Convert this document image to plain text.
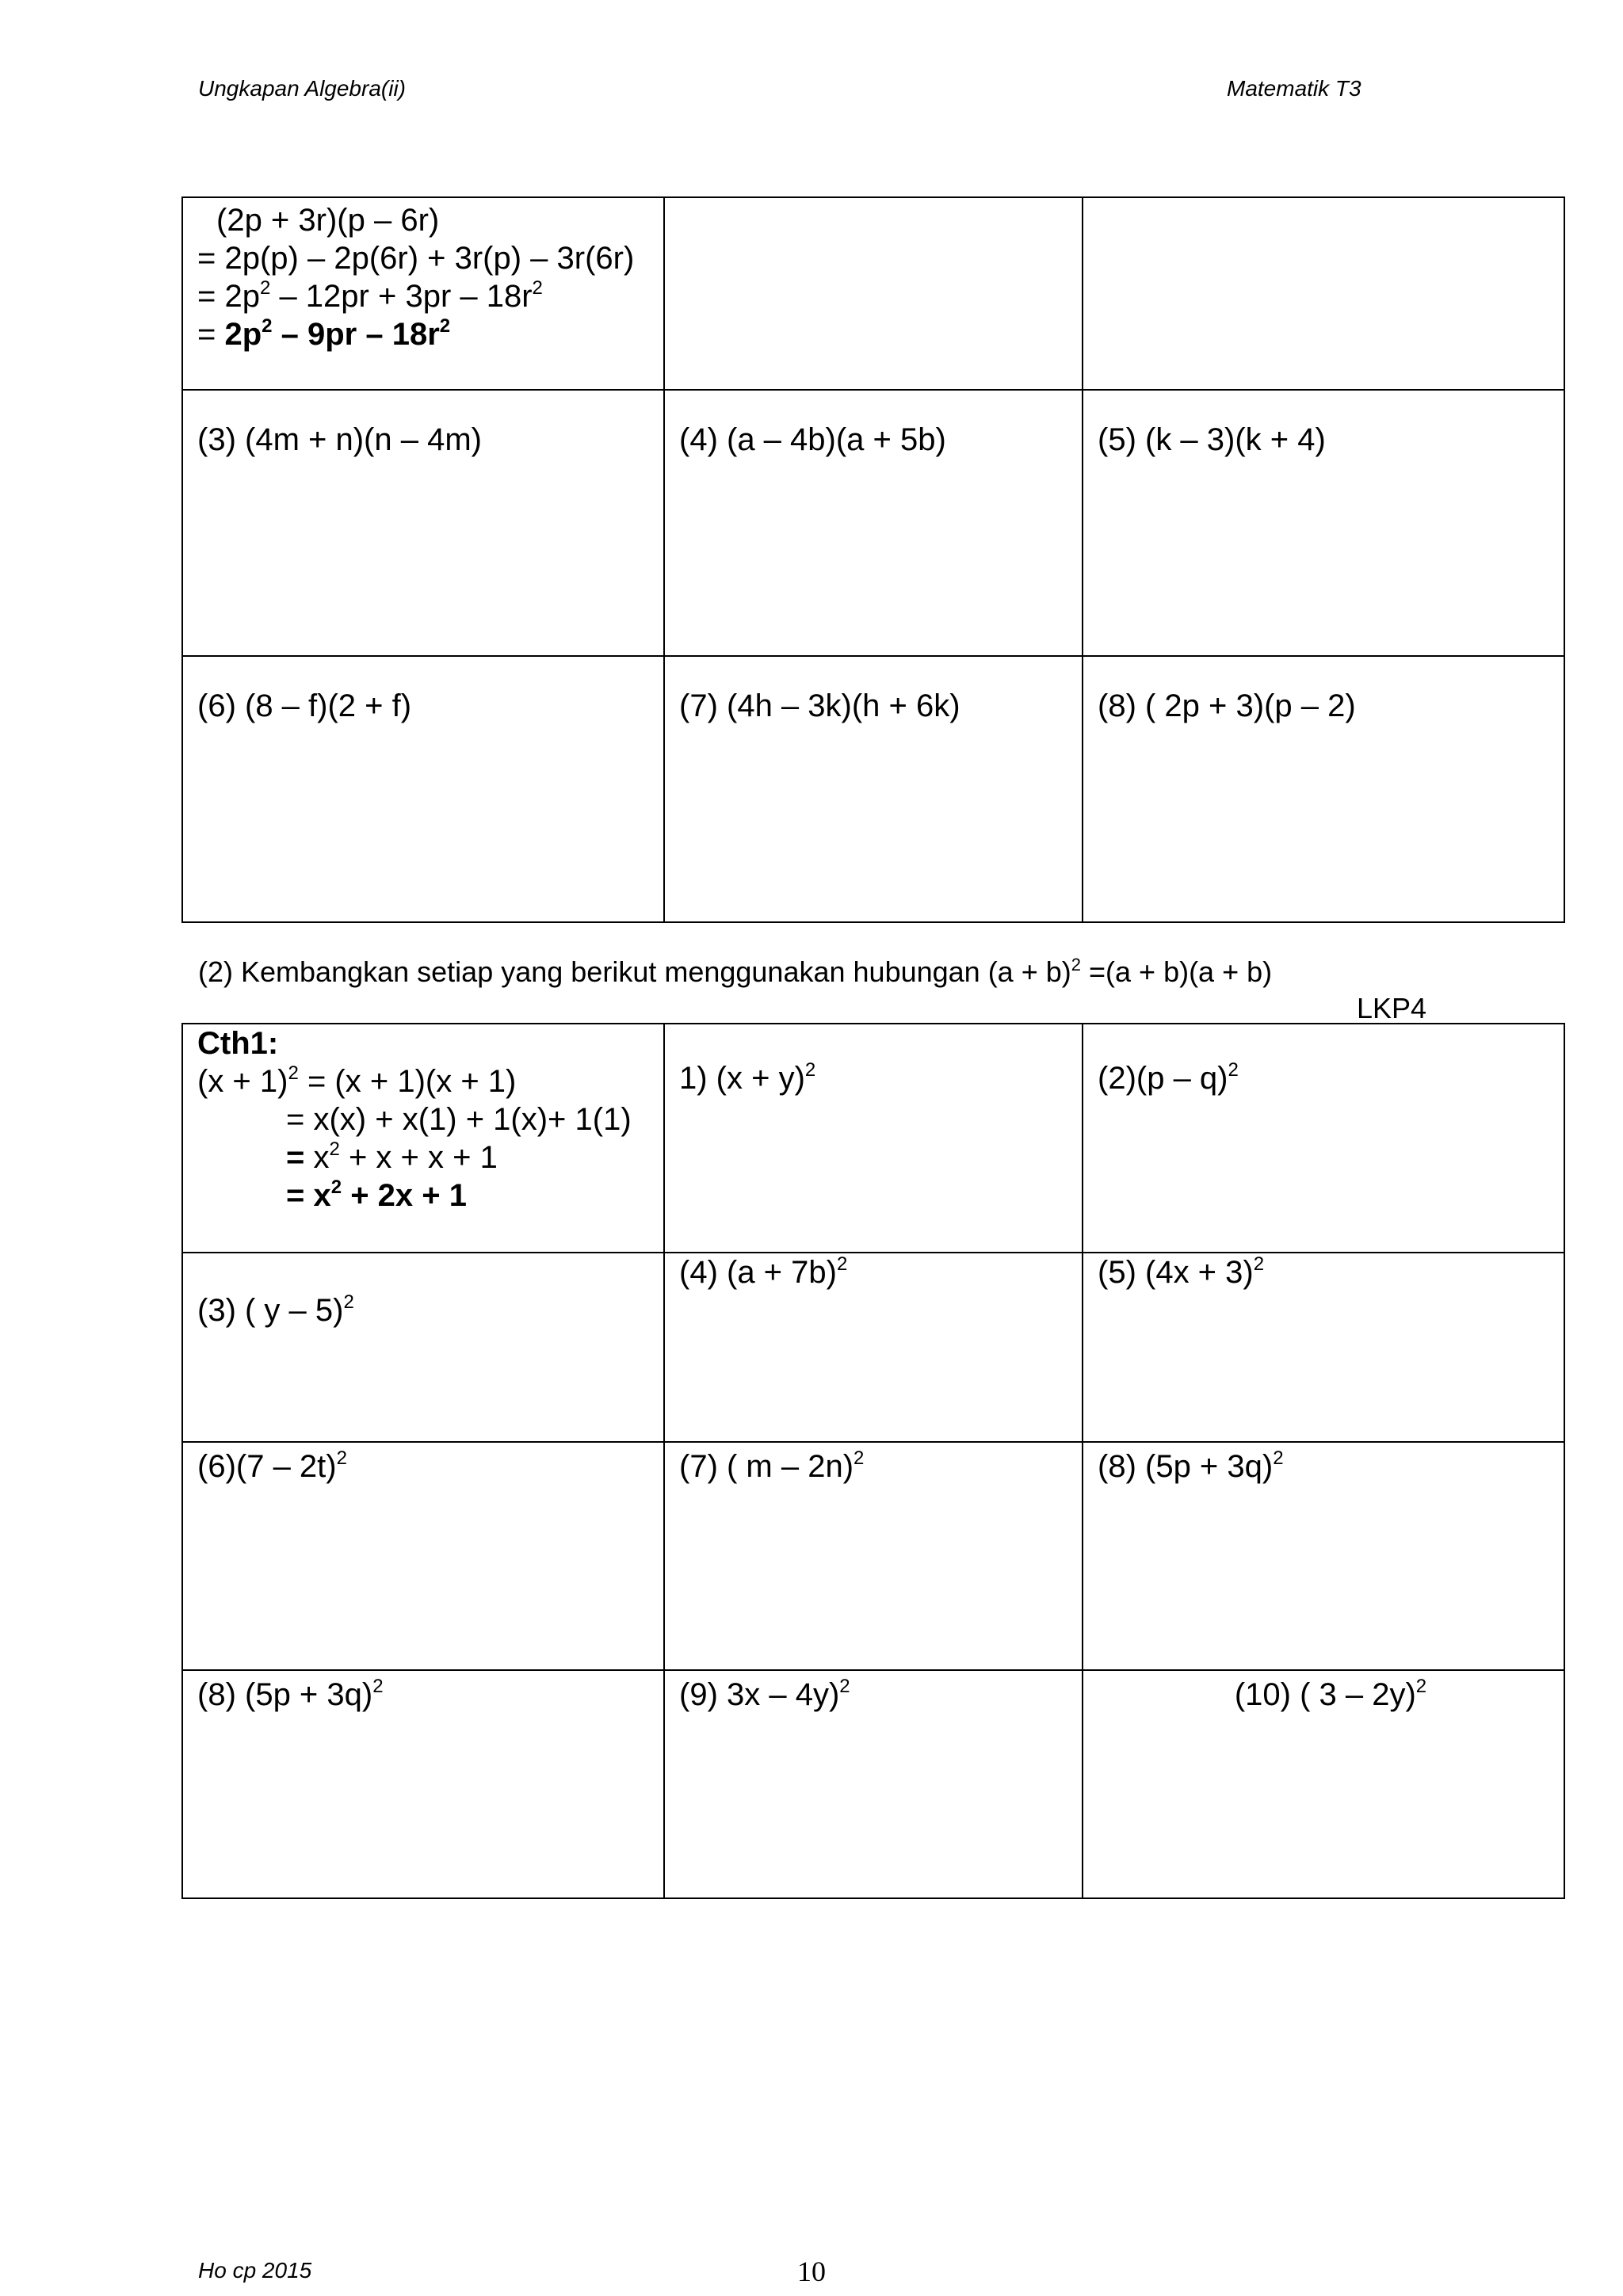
Ungkapan Algebra(ii)	Matematik T3
(2p + 3r)(p – 6r)
= 2p(p) – 2p(6r) + 3r(p) – 3r(6r)
= $2p^2 - 12pr + 3pr - 18r^2$
= $2p^2 - 9pr - 18r^2$

(3) (4m + n)(n – 4m)	(4) (a – 4b)(a + 5b)	(5) (k – 3)(k + 4)

(6) (8 – f)(2 + f)	(7) (4h – 3k)(h + 6k)	(8) ( 2p + 3)(p – 2)
(2) Kembangkan setiap yang berikut menggunakan hubungan $(a + b)^2 =(a + b)(a + b)$
LKP4
Cth1:
$(x + 1)^2 = (x + 1)(x + 1)$
= x(x) + x(1) + 1(x)+ 1(1)
= $x^2 + x + x + 1$
= $x^2 + 2x + 1$	1) $(x + y)^2$	(2)(p – q)$^2$

(3) ( y – 5)$^2$	(4) $(a + 7b)^2$	(5) $(4x + 3)^2$

(6)(7 – 2t)$^2$	(7) ( m – 2n)$^2$	(8) $(5p + 3q)^2$

(8) $(5p + 3q)^2$	(9) 3x – 4y)$^2$	(10) ( 3 – 2y)$^2$
Ho cp 2015	10
